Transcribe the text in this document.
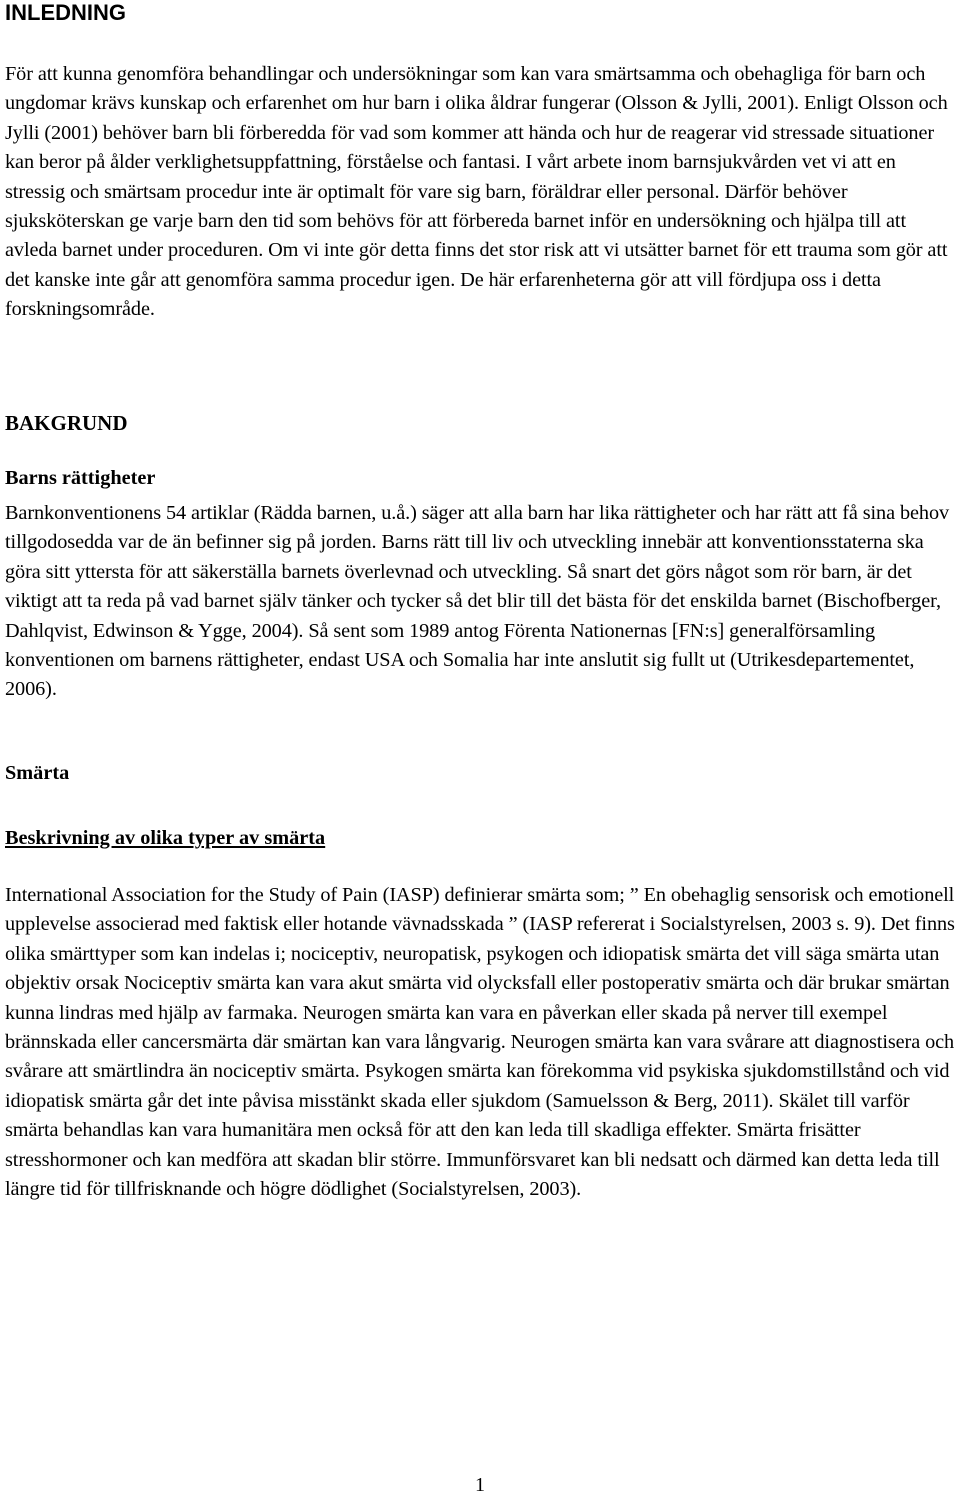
INLEDNING

För att kunna genomföra behandlingar och undersökningar som kan vara smärtsamma och obehagliga för barn och ungdomar krävs kunskap och erfarenhet om hur barn i olika åldrar fungerar (Olsson & Jylli, 2001). Enligt Olsson och Jylli (2001) behöver barn bli förberedda för vad som kommer att hända och hur de reagerar vid stressade situationer kan beror på ålder verklighetsuppfattning, förståelse och fantasi. I vårt arbete inom barnsjukvården vet vi att en stressig och smärtsam procedur inte är optimalt för vare sig barn, föräldrar eller personal. Därför behöver sjuksköterskan ge varje barn den tid som behövs för att förbereda barnet inför en undersökning och hjälpa till att avleda barnet under proceduren. Om vi inte gör detta finns det stor risk att vi utsätter barnet för ett trauma som gör att det kanske inte går att genomföra samma procedur igen. De här erfarenheterna gör att vill fördjupa oss i detta forskningsområde.

BAKGRUND
Barns rättigheter

Barnkonventionens 54 artiklar (Rädda barnen, u.å.) säger att alla barn har lika rättigheter och har rätt att få sina behov tillgodosedda var de än befinner sig på jorden. Barns rätt till liv och utveckling innebär att konventionsstaterna ska göra sitt yttersta för att säkerställa barnets överlevnad och utveckling. Så snart det görs något som rör barn, är det viktigt att ta reda på vad barnet själv tänker och tycker så det blir till det bästa för det enskilda barnet (Bischofberger, Dahlqvist, Edwinson & Ygge, 2004). Så sent som 1989 antog Förenta Nationernas [FN:s] generalförsamling konventionen om barnens rättigheter, endast USA och Somalia har inte anslutit sig fullt ut (Utrikesdepartementet, 2006).

Smärta
Beskrivning av olika typer av smärta

International Association for the Study of Pain (IASP) definierar smärta som; ” En obehaglig sensorisk och emotionell upplevelse associerad med faktisk eller hotande vävnadsskada ” (IASP refererat i Socialstyrelsen, 2003 s. 9). Det finns olika smärttyper som kan indelas i; nociceptiv, neuropatisk, psykogen och idiopatisk smärta det vill säga smärta utan objektiv orsak Nociceptiv smärta kan vara akut smärta vid olycksfall eller postoperativ smärta och där brukar smärtan kunna lindras med hjälp av farmaka. Neurogen smärta kan vara en påverkan eller skada på nerver till exempel brännskada eller cancersmärta där smärtan kan vara långvarig. Neurogen smärta kan vara svårare att diagnostisera och svårare att smärtlindra än nociceptiv smärta. Psykogen smärta kan förekomma vid psykiska sjukdomstillstånd och vid idiopatisk smärta går det inte påvisa misstänkt skada eller sjukdom (Samuelsson & Berg, 2011). Skälet till varför smärta behandlas kan vara humanitära men också för att den kan leda till skadliga effekter. Smärta frisätter stresshormoner och kan medföra att skadan blir större. Immunförsvaret kan bli nedsatt och därmed kan detta leda till längre tid för tillfrisknande och högre dödlighet (Socialstyrelsen, 2003).

1
